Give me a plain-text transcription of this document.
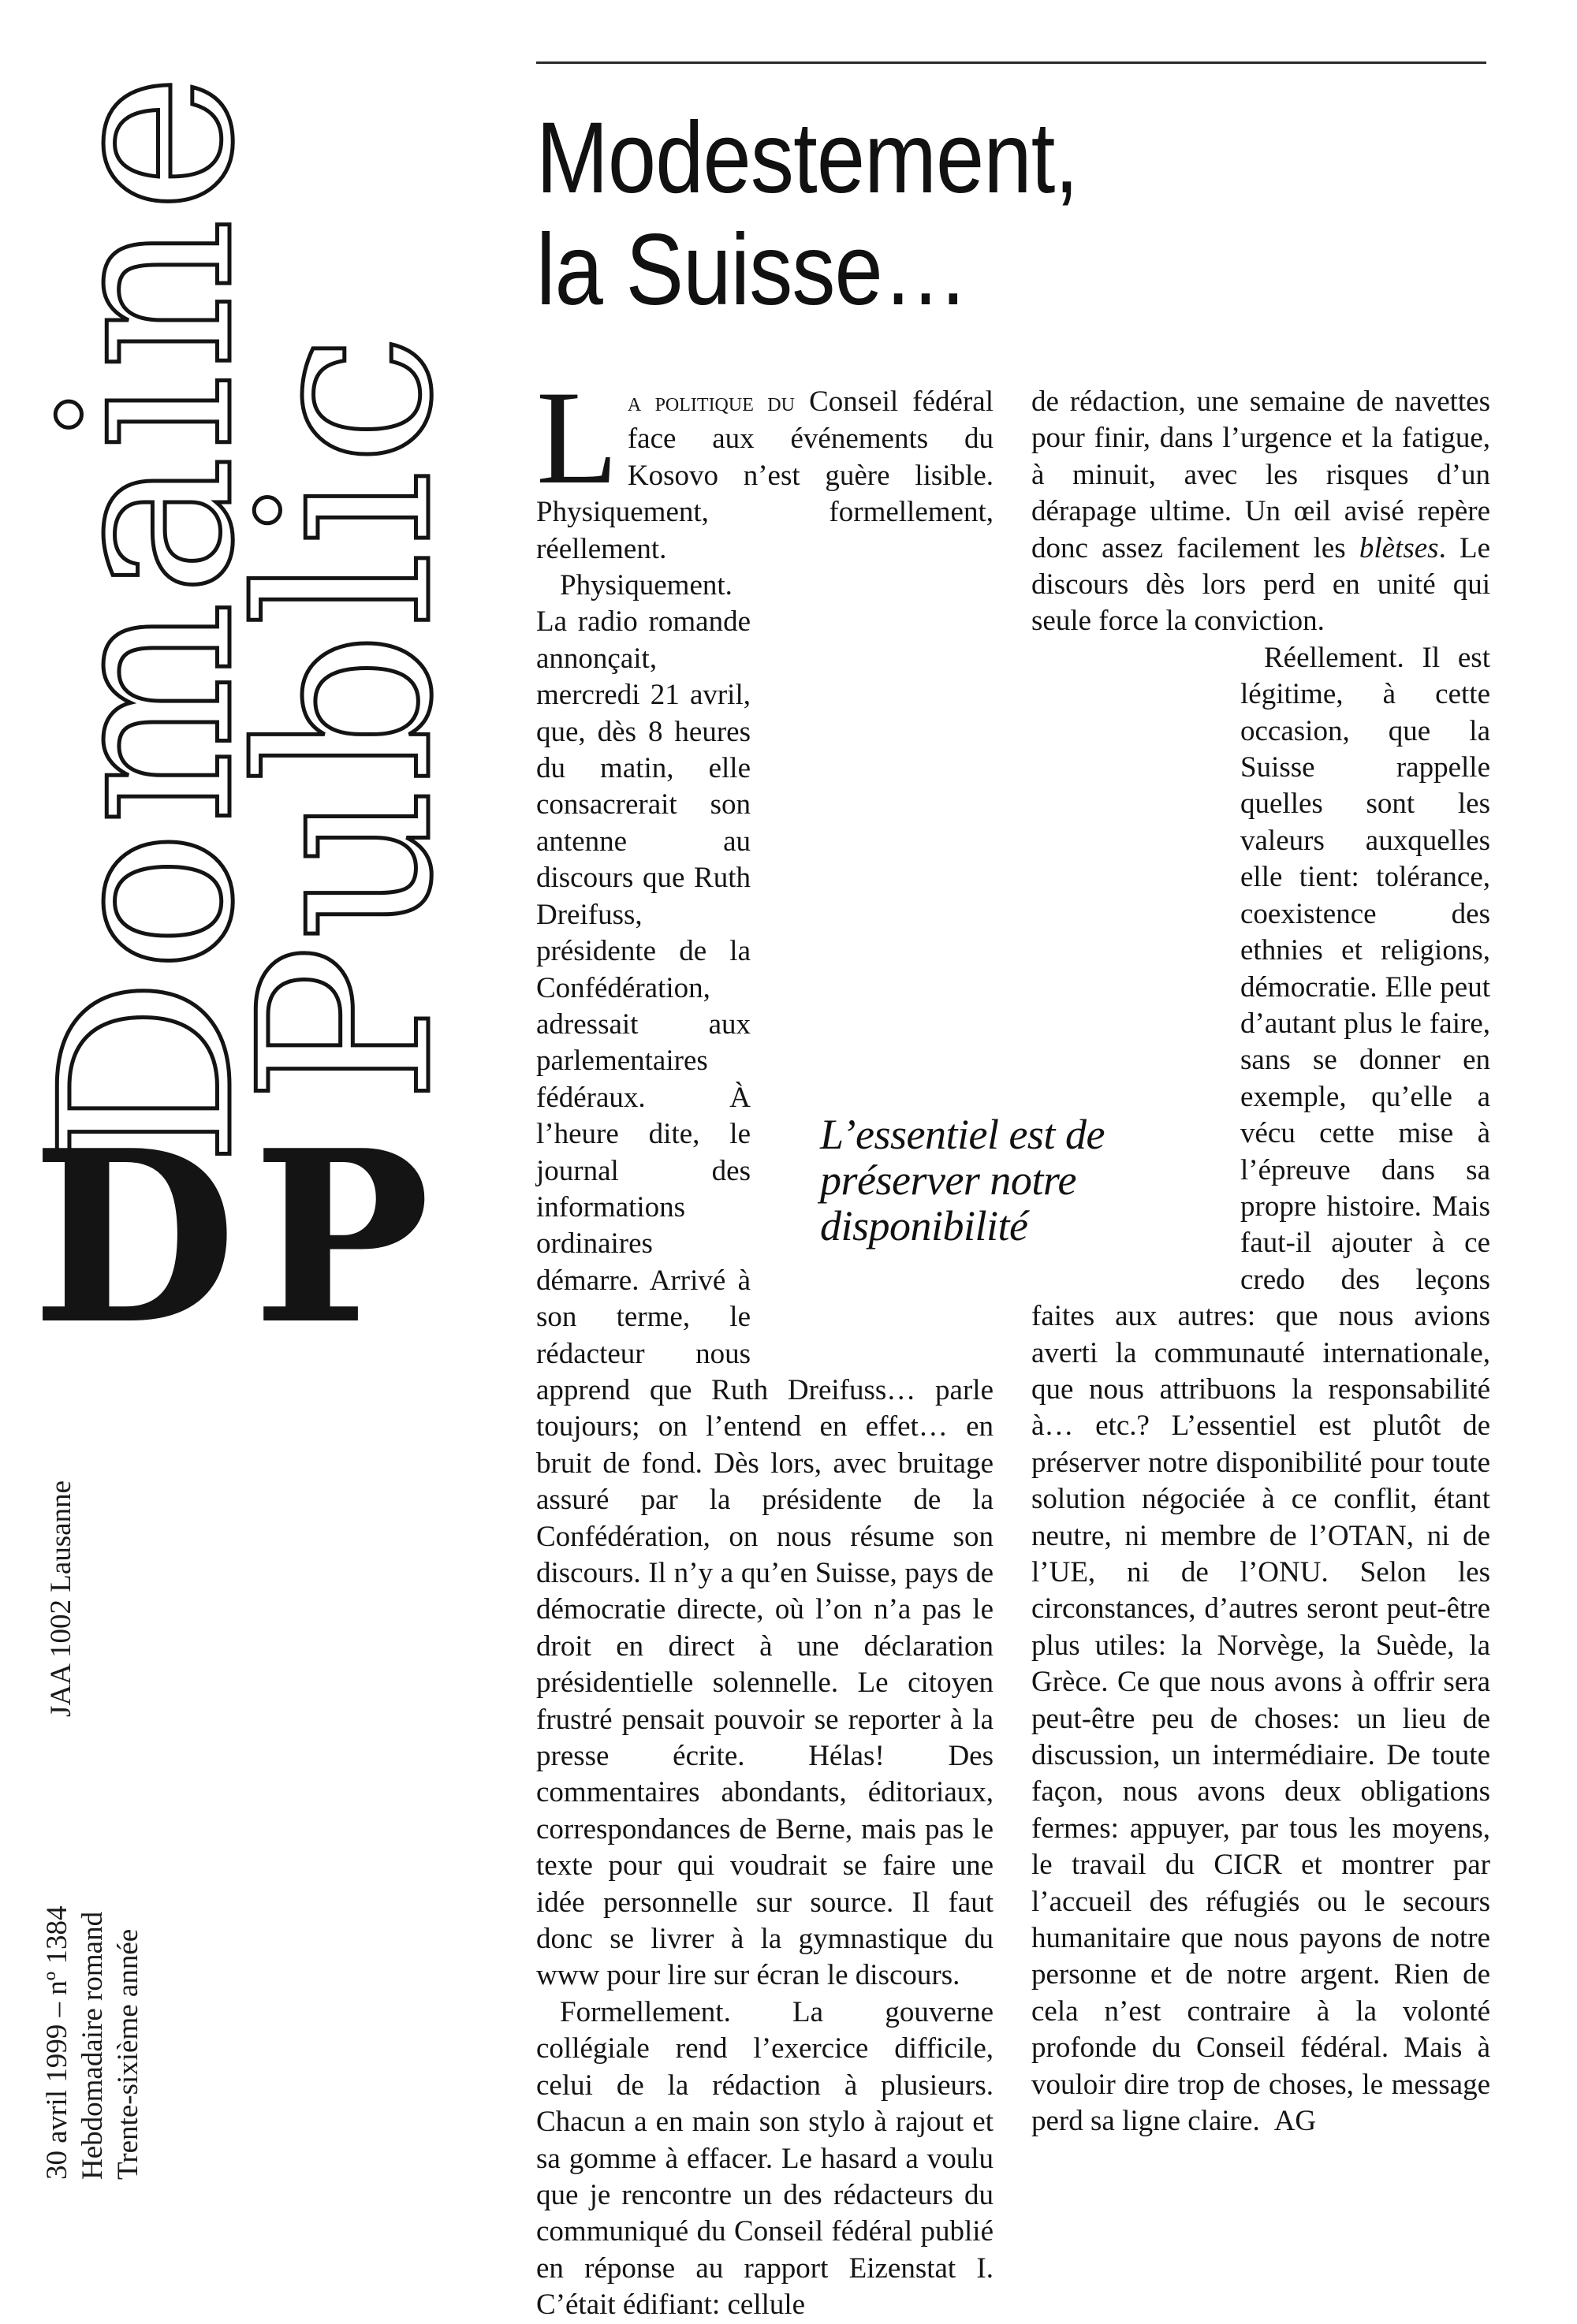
Domaine
Public
DP
JAA 1002 Lausanne
30 avril 1999 – nº 1384 Hebdomadaire romand Trente-sixième année
Modestement,
la Suisse…

La politique du Conseil fédéral face aux événements du Kosovo n’est guère lisible. Physiquement, formellement, réellement.

Physiquement. La radio romande annonçait, mercredi 21 avril, que, dès 8 heures du matin, elle consacrerait son antenne au discours que Ruth Dreifuss, présidente de la Confédération, adressait aux parlementaires fédéraux. À l’heure dite, le journal des informations ordinaires démarre. Arrivé à son terme, le rédacteur nous apprend que Ruth Dreifuss… parle toujours; on l’entend en effet… en bruit de fond. Dès lors, avec bruitage assuré par la présidente de la Confédération, on nous résume son discours. Il n’y a qu’en Suisse, pays de démocratie directe, où l’on n’a pas le droit en direct à une déclaration présidentielle solennelle. Le citoyen frustré pensait pouvoir se reporter à la presse écrite. Hélas! Des commentaires abondants, éditoriaux, correspondances de Berne, mais pas le texte pour qui voudrait se faire une idée personnelle sur source. Il faut donc se livrer à la gymnastique du www pour lire sur écran le discours.

Formellement. La gouverne collégiale rend l’exercice difficile, celui de la rédaction à plusieurs. Chacun a en main son stylo à rajout et sa gomme à effacer. Le hasard a voulu que je rencontre un des rédacteurs du communiqué du Conseil fédéral publié en réponse au rapport Eizenstat I. C’était édifiant: cellule

L’essentiel est de préserver notre disponibilité

de rédaction, une semaine de navettes pour finir, dans l’urgence et la fatigue, à minuit, avec les risques d’un dérapage ultime. Un œil avisé repère donc assez facilement les blètses. Le discours dès lors perd en unité qui seule force la conviction.

Réellement. Il est légitime, à cette occasion, que la Suisse rappelle quelles sont les valeurs auxquelles elle tient: tolérance, coexistence des ethnies et religions, démocratie. Elle peut d’autant plus le faire, sans se donner en exemple, qu’elle a vécu cette mise à l’épreuve dans sa propre histoire. Mais faut-il ajouter à ce credo des leçons faites aux autres: que nous avions averti la communauté internationale, que nous attribuons la responsabilité à… etc.? L’essentiel est plutôt de préserver notre disponibilité pour toute solution négociée à ce conflit, étant neutre, ni membre de l’OTAN, ni de l’UE, ni de l’ONU. Selon les circonstances, d’autres seront peut-être plus utiles: la Norvège, la Suède, la Grèce. Ce que nous avons à offrir sera peut-être peu de choses: un lieu de discussion, un intermédiaire. De toute façon, nous avons deux obligations fermes: appuyer, par tous les moyens, le travail du CICR et montrer par l’accueil des réfugiés ou le secours humanitaire que nous payons de notre personne et de notre argent. Rien de cela n’est contraire à la volonté profonde du Conseil fédéral. Mais à vouloir dire trop de choses, le message perd sa ligne claire. AG
